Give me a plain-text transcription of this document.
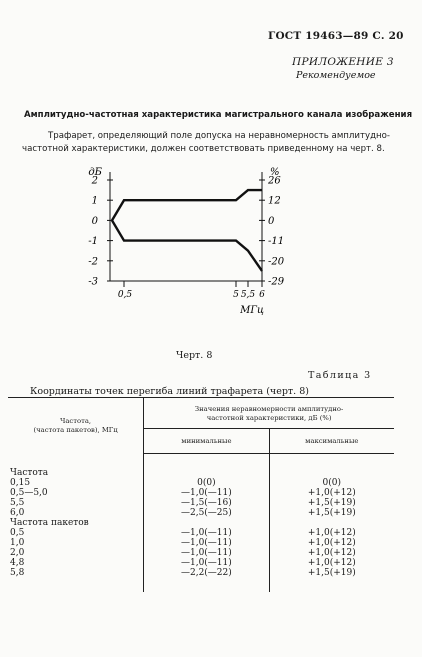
ГОСТ 19463—89 С. 20
ПРИЛОЖЕНИЕ 3
Рекомендуемое
Амплитудно-частотная характеристика магистрального канала изображения
Трафарет, определяющий поле допуска на неравномерность амплитудно-
частотной характеристики, должен соответствовать приведенному на черт. 8.
2	26
1	12
0	0
-1	-11
-2	-20
-3	-29
дБ	%
0,5	5 5,5 6
МГц
Черт. 8
Таблица 3
Координаты точек перегиба линий трафарета (черт. 8)
Частота,
(частота пакетов), МГц	Значения неравномерности амплитудно-
частотной характеристики, дБ (%)	
	минимальные	максимальные

Частота		
0,15	0(0)	0(0)
0,5—5,0	—1,0(—11)	+1,0(+12)
5,5	—1,5(—16)	+1,5(+19)
6,0	—2,5(—25)	+1,5(+19)
Частота пакетов		
0,5	—1,0(—11)	+1,0(+12)
1,0	—1,0(—11)	+1,0(+12)
2,0	—1,0(—11)	+1,0(+12)
4,8	—1,0(—11)	+1,0(+12)
5,8	—2,2(—22)	+1,5(+19)
